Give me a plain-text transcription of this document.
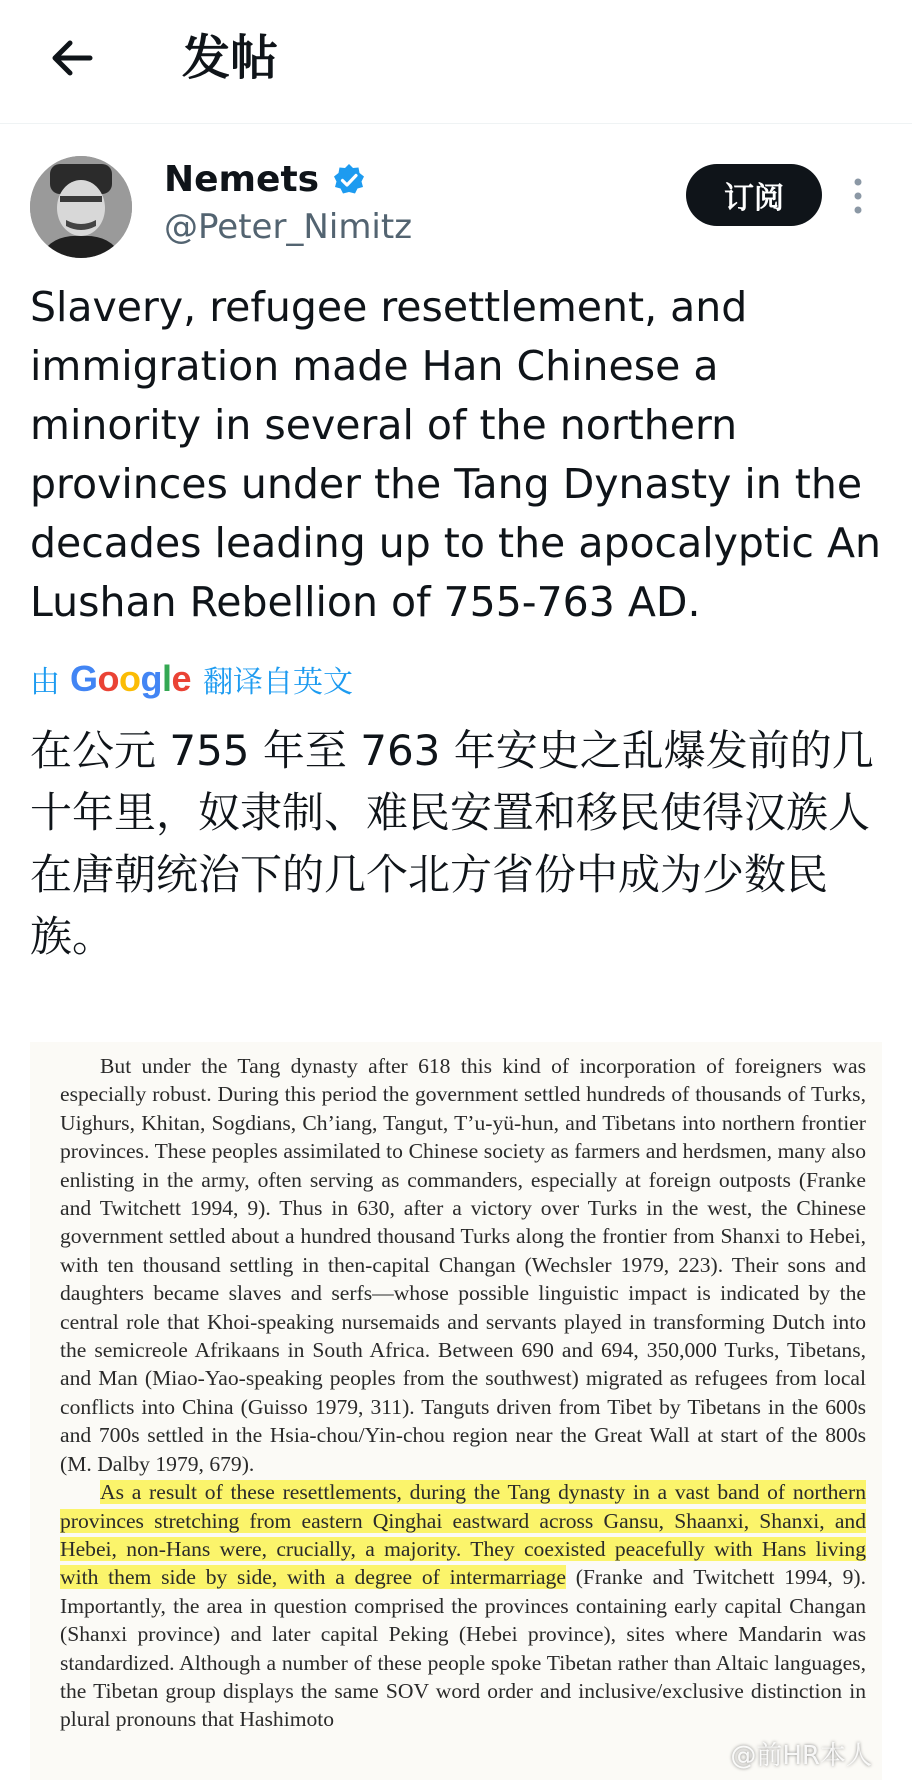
发帖
Nemets
@Peter_Nimitz
订阅
Slavery, refugee resettlement, and immigration made Han Chinese a minority in several of the northern provinces under the Tang Dynasty in the decades leading up to the apocalyptic An Lushan Rebellion of 755-763 AD.
由 Google 翻译自英文
在公元 755 年至 763 年安史之乱爆发前的几十年里，奴隶制、难民安置和移民使得汉族人在唐朝统治下的几个北方省份中成为少数民族。

But under the Tang dynasty after 618 this kind of incorporation of foreigners was especially robust. During this period the government settled hundreds of thousands of Turks, Uighurs, Khitan, Sogdians, Ch’iang, Tangut, T’u-yü-hun, and Tibetans into northern frontier provinces. These peoples assimilated to Chinese society as farmers and herdsmen, many also enlisting in the army, often serving as commanders, especially at foreign outposts (Franke and Twitchett 1994, 9). Thus in 630, after a victory over Turks in the west, the Chinese government settled about a hundred thousand Turks along the frontier from Shanxi to Hebei, with ten thousand settling in then-capital Changan (Wechsler 1979, 223). Their sons and daughters became slaves and serfs—whose possible linguistic impact is indicated by the central role that Khoi-speaking nursemaids and servants played in transforming Dutch into the semicreole Afrikaans in South Africa. Between 690 and 694, 350,000 Turks, Tibetans, and Man (Miao-Yao-speaking peoples from the southwest) migrated as refugees from local conflicts into China (Guisso 1979, 311). Tanguts driven from Tibet by Tibetans in the 600s and 700s settled in the Hsia-chou/Yin-chou region near the Great Wall at start of the 800s (M. Dalby 1979, 679).

As a result of these resettlements, during the Tang dynasty in a vast band of northern provinces stretching from eastern Qinghai eastward across Gansu, Shaanxi, Shanxi, and Hebei, non-Hans were, crucially, a majority. They coexisted peacefully with Hans living with them side by side, with a degree of intermarriage (Franke and Twitchett 1994, 9). Importantly, the area in question comprised the provinces containing early capital Changan (Shanxi province) and later capital Peking (Hebei province), sites where Mandarin was standardized. Although a number of these people spoke Tibetan rather than Altaic languages, the Tibetan group displays the same SOV word order and inclusive/exclusive distinction in plural pronouns that Hashimoto

@前HR本人
